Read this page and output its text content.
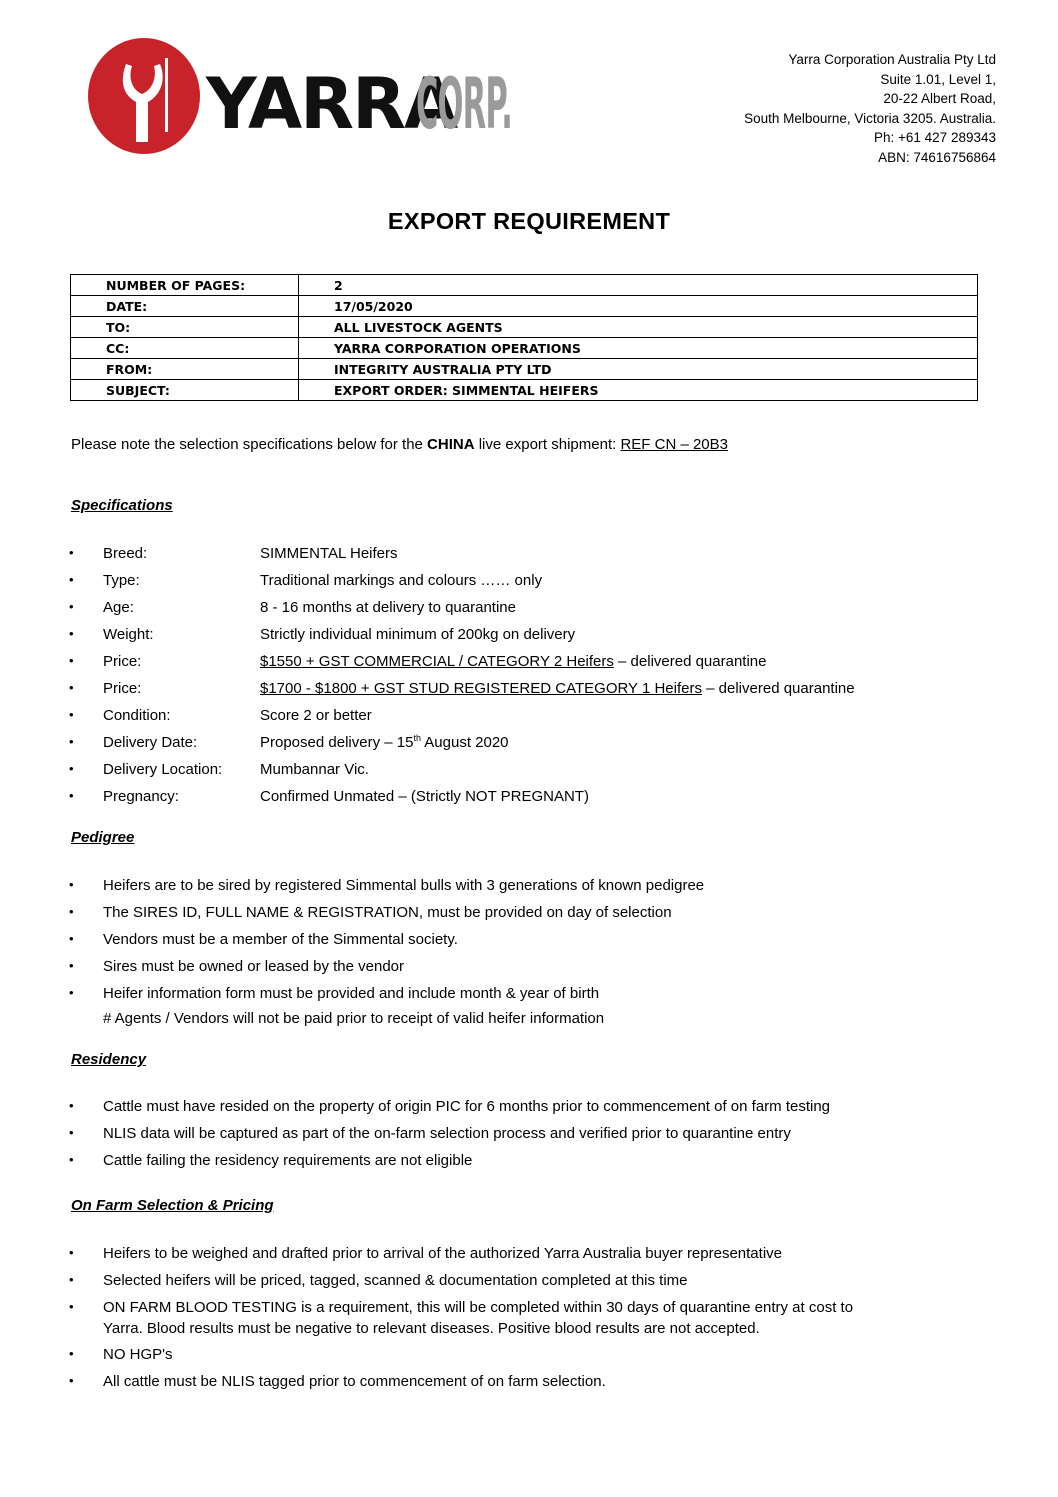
YARRA
CORP.
Yarra Corporation Australia Pty Ltd
Suite 1.01, Level 1,
20-22 Albert Road,
South Melbourne, Victoria 3205. Australia.
Ph: +61 427 289343
ABN: 74616756864
EXPORT REQUIREMENT
NUMBER OF PAGES:	2
DATE:	17/05/2020
TO:	ALL LIVESTOCK AGENTS
CC:	YARRA CORPORATION OPERATIONS
FROM:	INTEGRITY AUSTRALIA PTY LTD
SUBJECT:	EXPORT ORDER: SIMMENTAL HEIFERS
Please note the selection specifications below for the CHINA live export shipment: REF CN – 20B3
Specifications
•	Breed:	SIMMENTAL Heifers
•	Type:	Traditional markings and colours …… only
•	Age:	8 - 16 months at delivery to quarantine
•	Weight:	Strictly individual minimum of 200kg on delivery
•	Price:	$1550 + GST COMMERCIAL / CATEGORY 2 Heifers – delivered quarantine
•	Price:	$1700 - $1800 + GST STUD REGISTERED CATEGORY 1 Heifers – delivered quarantine
•	Condition:	Score 2 or better
•	Delivery Date:	Proposed delivery – 15th August 2020
•	Delivery Location:	Mumbannar Vic.
•	Pregnancy:	Confirmed Unmated – (Strictly NOT PREGNANT)
Pedigree
•	Heifers are to be sired by registered Simmental bulls with 3 generations of known pedigree
•	The SIRES ID, FULL NAME & REGISTRATION, must be provided on day of selection
•	Vendors must be a member of the Simmental society.
•	Sires must be owned or leased by the vendor
•	Heifer information form must be provided and include month & year of birth
# Agents / Vendors will not be paid prior to receipt of valid heifer information
Residency
•	Cattle must have resided on the property of origin PIC for 6 months prior to commencement of on farm testing
•	NLIS data will be captured as part of the on-farm selection process and verified prior to quarantine entry
•	Cattle failing the residency requirements are not eligible
On Farm Selection & Pricing
•	Heifers to be weighed and drafted prior to arrival of the authorized Yarra Australia buyer representative
•	Selected heifers will be priced, tagged, scanned & documentation completed at this time
•	ON FARM BLOOD TESTING is a requirement, this will be completed within 30 days of quarantine entry at cost to
Yarra. Blood results must be negative to relevant diseases. Positive blood results are not accepted.
•	NO HGP's
•	All cattle must be NLIS tagged prior to commencement of on farm selection.
